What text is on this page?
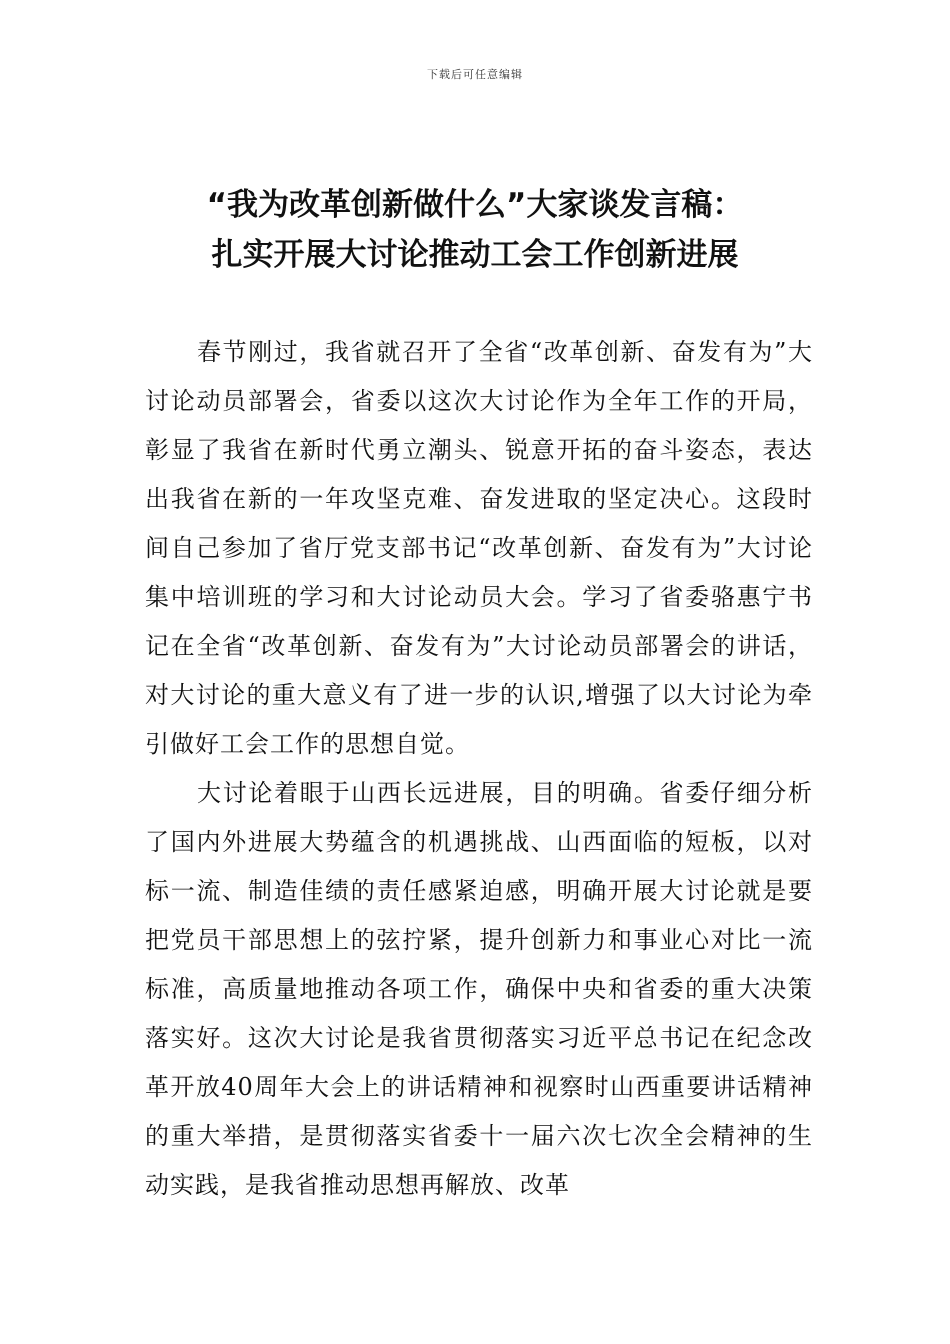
下载后可任意编辑
“我为改革创新做什么”大家谈发言稿：
扎实开展大讨论推动工会工作创新进展

春节刚过，我省就召开了全省“改革创新、奋发有为”大讨论动员部署会，省委以这次大讨论作为全年工作的开局，彰显了我省在新时代勇立潮头、锐意开拓的奋斗姿态，表达出我省在新的一年攻坚克难、奋发进取的坚定决心。这段时间自己参加了省厅党支部书记“改革创新、奋发有为”大讨论集中培训班的学习和大讨论动员大会。学习了省委骆惠宁书记在全省“改革创新、奋发有为”大讨论动员部署会的讲话，对大讨论的重大意义有了进一步的认识,增强了以大讨论为牵引做好工会工作的思想自觉。

大讨论着眼于山西长远进展，目的明确。省委仔细分析了国内外进展大势蕴含的机遇挑战、山西面临的短板，以对标一流、制造佳绩的责任感紧迫感，明确开展大讨论就是要把党员干部思想上的弦拧紧，提升创新力和事业心对比一流标准，高质量地推动各项工作，确保中央和省委的重大决策落实好。这次大讨论是我省贯彻落实习近平总书记在纪念改革开放40周年大会上的讲话精神和视察时山西重要讲话精神的重大举措，是贯彻落实省委十一届六次七次全会精神的生动实践，是我省推动思想再解放、改革
